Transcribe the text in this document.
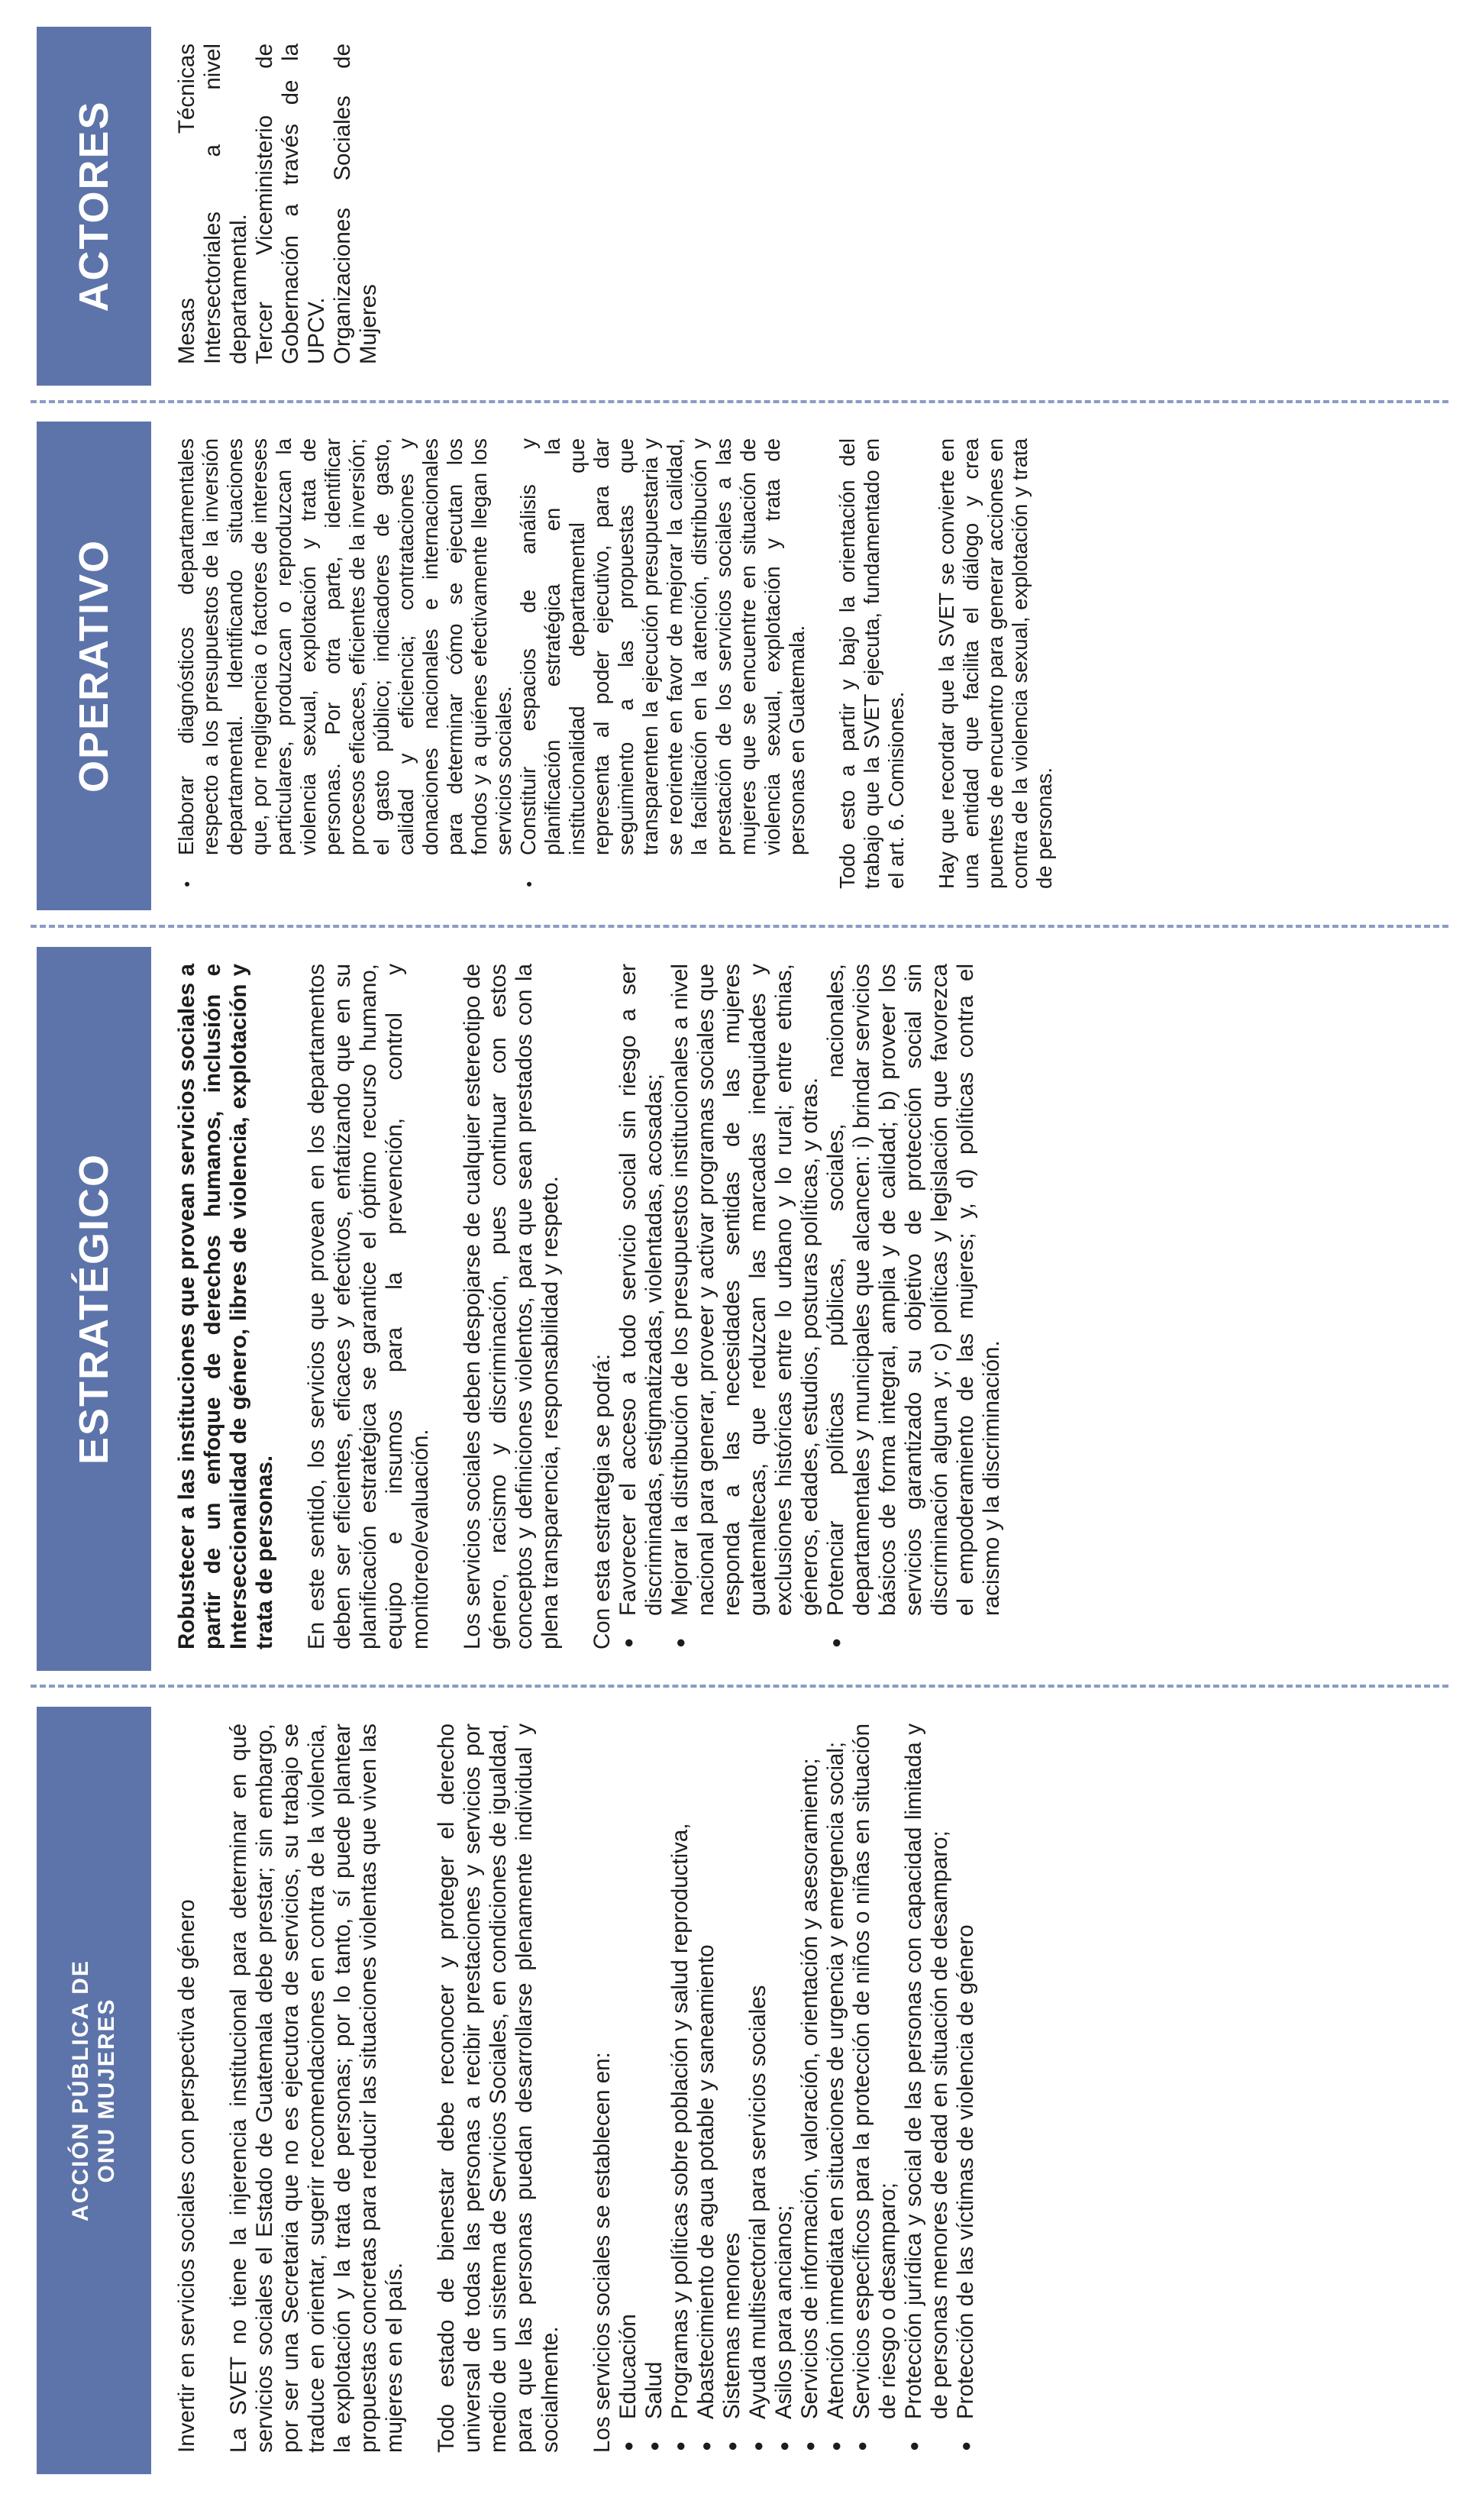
ACCIÓN PÚBLICA DE ONU MUJERES Invertir en servicios sociales con perspectiva de género La SVET no tiene la injerencia institucional para determinar en qué servicios sociales el Estado de Guatemala debe prestar; sin embargo, por ser una Secretaria que no es ejecutora de servicios, su trabajo se traduce en orientar, sugerir recomendaciones en contra de la violencia, la explotación y la trata de personas; por lo tanto, sí puede plantear propuestas concretas para reducir las situaciones violentas que viven las mujeres en el país. Todo estado de bienestar debe reconocer y proteger el derecho universal de todas las personas a recibir prestaciones y servicios por medio de un sistema de Servicios Sociales, en condiciones de igualdad, para que las personas puedan desarrollarse plenamente individual y socialmente. Los servicios sociales se establecen en: ● Educación ● Salud ● Programas y políticas sobre población y salud reproductiva, ● Abastecimiento de agua potable y saneamiento ● Sistemas menores ● Ayuda multisectorial para servicios sociales ● Asilos para ancianos; ● Servicios de información, valoración, orientación y asesoramiento; ● Atención inmediata en situaciones de urgencia y emergencia social; ● Servicios específicos para la protección de niños o niñas en situación de riesgo o desamparo; ● Protección jurídica y social de las personas con capacidad limitada y de personas menores de edad en situación de desamparo; ● Protección de las víctimas de violencia de género
ESTRATÉGICO	Robustecer a las instituciones que provean servicios sociales a partir de un enfoque de derechos humanos, inclusión e Interseccionalidad de género, libres de violencia, explotación y trata de personas. En este sentido, los servicios que provean en los departamentos deben ser eficientes, eficaces y efectivos, enfatizando que en su planificación estratégica se garantice el óptimo recurso humano, equipo e insumos para la prevención, control y monitoreo/evaluación. Los servicios sociales deben despojarse de cualquier estereotipo de género, racismo y discriminación, pues continuar con estos conceptos y definiciones violentos, para que sean prestados con la plena transparencia, responsabilidad y respeto. Con esta estrategia se podrá: ● Favorecer el acceso a todo servicio social sin riesgo a ser discriminadas, estigmatizadas, violentadas, acosadas; ● Mejorar la distribución de los presupuestos institucionales a nivel nacional para generar, proveer y activar programas sociales que responda a las necesidades sentidas de las mujeres guatemaltecas, que reduzcan las marcadas inequidades y exclusiones históricas entre lo urbano y lo rural; entre etnias, géneros, edades, estudios, posturas políticas, y otras. ● Potenciar políticas públicas, sociales, nacionales, departamentales y municipales que alcancen: i) brindar servicios básicos de forma integral, amplia y de calidad; b) proveer los servicios garantizado su objetivo de protección social sin discriminación alguna y; c) políticas y legislación que favorezca el empoderamiento de las mujeres; y, d) políticas contra el racismo y la discriminación.
OPERATIVO	● Elaborar diagnósticos departamentales respecto a los presupuestos de la inversión departamental. Identificando situaciones que, por negligencia o factores de intereses particulares, produzcan o reproduzcan la violencia sexual, explotación y trata de personas. Por otra parte, identificar procesos eficaces, eficientes de la inversión; el gasto público; indicadores de gasto, calidad y eficiencia; contrataciones y donaciones nacionales e internacionales para determinar cómo se ejecutan los fondos y a quiénes efectivamente llegan los servicios sociales. ● Constituir espacios de análisis y planificación estratégica en la institucionalidad departamental que representa al poder ejecutivo, para dar seguimiento a las propuestas que transparenten la ejecución presupuestaria y se reoriente en favor de mejorar la calidad, la facilitación en la atención, distribución y prestación de los servicios sociales a las mujeres que se encuentre en situación de violencia sexual, explotación y trata de personas en Guatemala. Todo esto a partir y bajo la orientación del trabajo que la SVET ejecuta, fundamentado en el art. 6. Comisiones. Hay que recordar que la SVET se convierte en una entidad que facilita el diálogo y crea puentes de encuentro para generar acciones en contra de la violencia sexual, explotación y trata de personas.

ACTORES	Mesas Técnicas Intersectoriales a nivel departamental. Tercer Viceministerio de Gobernación a través de la UPCV. Organizaciones Sociales de Mujeres
